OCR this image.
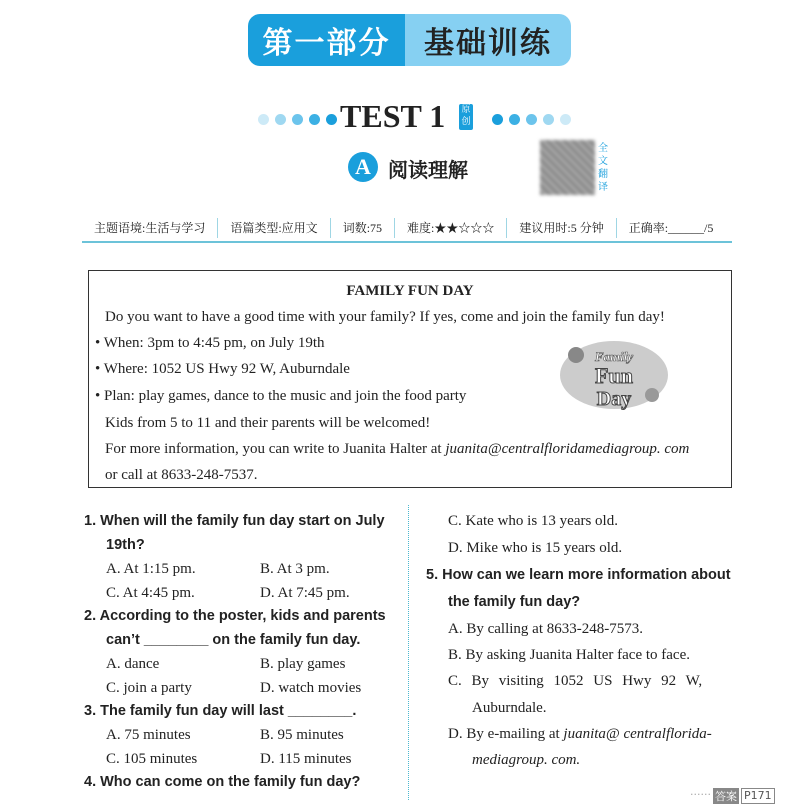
第一部分	基础训练
TEST 1 原创
A 阅读理解
全文翻译
主题语境:生活与学习	语篇类型:应用文	词数:75	难度:★★☆☆☆	建议用时:5 分钟	正确率:______/5
FAMILY FUN DAY
Do you want to have a good time with your family? If yes, come and join the family fun day!
• When: 3pm to 4:45 pm, on July 19th
• Where: 1052 US Hwy 92 W, Auburndale
• Plan: play games, dance to the music and join the food party
Kids from 5 to 11 and their parents will be welcomed!
For more information, you can write to Juanita Halter at juanita@centralfloridamediagroup. com
or call at 8633-248-7537.
Family
Fun
Day
1. When will the family fun day start on July
19th?
A. At 1:15 pm.	B. At 3 pm.
C. At 4:45 pm.	D. At 7:45 pm.
2. According to the poster, kids and parents
can’t ________ on the family fun day.
A. dance	B. play games
C. join a party	D. watch movies
3. The family fun day will last ________.
A. 75 minutes	B. 95 minutes
C. 105 minutes	D. 115 minutes
4. Who can come on the family fun day?
C. Kate who is 13 years old.
D. Mike who is 15 years old.
5. How can we learn more information about
the family fun day?
A. By calling at 8633-248-7573.
B. By asking Juanita Halter face to face.
C. By visiting 1052 US Hwy 92 W,
Auburndale.
D. By e-mailing at juanita@ centralflorida-
mediagroup. com.
······ 答案 P171
